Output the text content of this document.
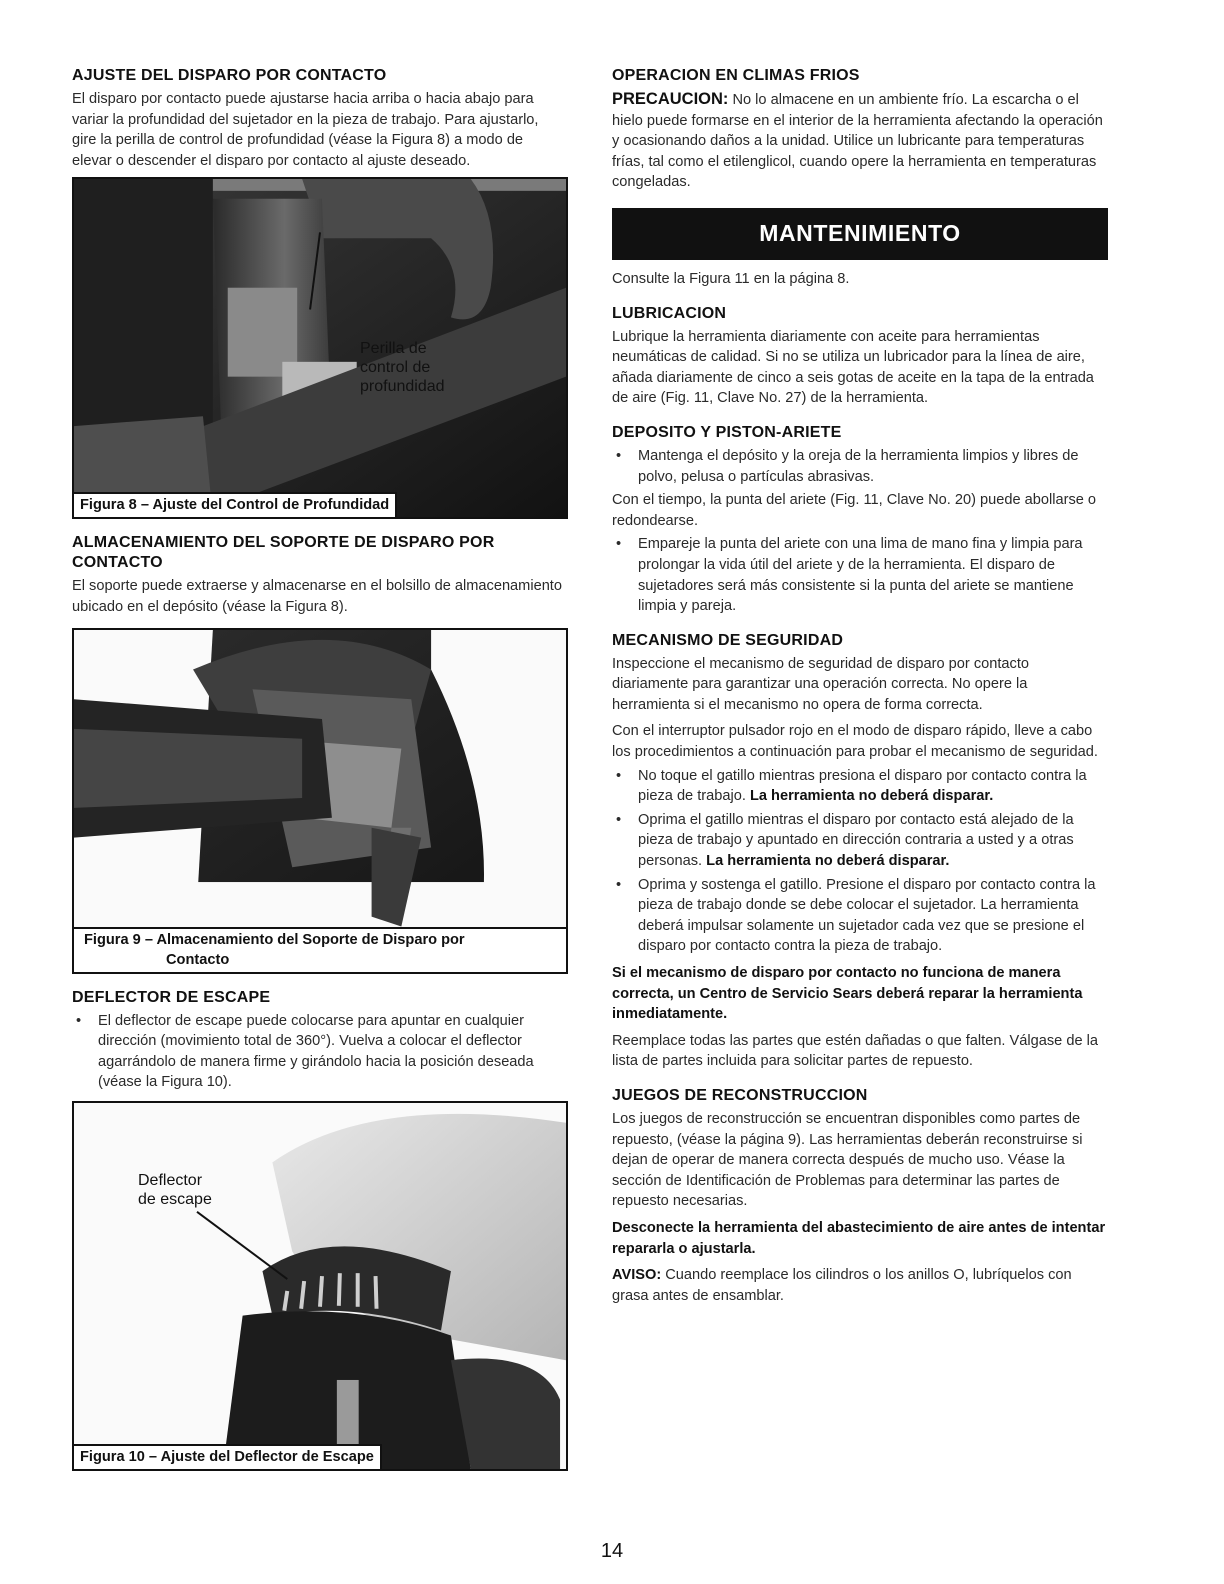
AJUSTE DEL DISPARO POR CONTACTO

El disparo por contacto puede ajustarse hacia arriba o hacia abajo para variar la profundidad del sujetador en la pieza de trabajo. Para ajustarlo, gire la perilla de control de profundidad (véase la Figura 8) a modo de elevar o descender el disparo por contacto al ajuste deseado.

Perilla de
control de
profundidad
Figura 8 – Ajuste del Control de Profundidad
ALMACENAMIENTO DEL SOPORTE DE DISPARO POR CONTACTO

El soporte puede extraerse y almacenarse en el bolsillo de almacenamiento ubicado en el depósito (véase la Figura 8).

Figura 9 – Almacenamiento del Soporte de Disparo por
Contacto
DEFLECTOR DE ESCAPE
• El deflector de escape puede colocarse para apuntar en cualquier dirección (movimiento total de 360°). Vuelva a colocar el deflector agarrándolo de manera firme y girándolo hacia la posición deseada (véase la Figura 10).
Deflector
de escape
Figura 10 – Ajuste del Deflector de Escape
OPERACION EN CLIMAS FRIOS

PRECAUCION: No lo almacene en un ambiente frío. La escarcha o el hielo puede formarse en el interior de la herramienta afectando la operación y ocasionando daños a la unidad. Utilice un lubricante para temperaturas frías, tal como el etilenglicol, cuando opere la herramienta en temperaturas congeladas.

MANTENIMIENTO

Consulte la Figura 11 en la página 8.

LUBRICACION

Lubrique la herramienta diariamente con aceite para herramientas neumáticas de calidad. Si no se utiliza un lubricador para la línea de aire, añada diariamente de cinco a seis gotas de aceite en la tapa de la entrada de aire (Fig. 11, Clave No. 27) de la herramienta.

DEPOSITO Y PISTON-ARIETE
• Mantenga el depósito y la oreja de la herramienta limpios y libres de polvo, pelusa o partículas abrasivas.

Con el tiempo, la punta del ariete (Fig. 11, Clave No. 20) puede abollarse o redondearse.

• Empareje la punta del ariete con una lima de mano fina y limpia para prolongar la vida útil del ariete y de la herramienta. El disparo de sujetadores será más consistente si la punta del ariete se mantiene limpia y pareja.
MECANISMO DE SEGURIDAD

Inspeccione el mecanismo de seguridad de disparo por contacto diariamente para garantizar una operación correcta. No opere la herramienta si el mecanismo no opera de forma correcta.

Con el interruptor pulsador rojo en el modo de disparo rápido, lleve a cabo los procedimientos a continuación para probar el mecanismo de seguridad.

• No toque el gatillo mientras presiona el disparo por contacto contra la pieza de trabajo. La herramienta no deberá disparar.
• Oprima el gatillo mientras el disparo por contacto está alejado de la pieza de trabajo y apuntado en dirección contraria a usted y a otras personas. La herramienta no deberá disparar.
• Oprima y sostenga el gatillo. Presione el disparo por contacto contra la pieza de trabajo donde se debe colocar el sujetador. La herramienta deberá impulsar solamente un sujetador cada vez que se presione el disparo por contacto contra la pieza de trabajo.

Si el mecanismo de disparo por contacto no funciona de manera correcta, un Centro de Servicio Sears deberá reparar la herramienta inmediatamente.

Reemplace todas las partes que estén dañadas o que falten. Válgase de la lista de partes incluida para solicitar partes de repuesto.

JUEGOS DE RECONSTRUCCION

Los juegos de reconstrucción se encuentran disponibles como partes de repuesto, (véase la página 9). Las herramientas deberán reconstruirse si dejan de operar de manera correcta después de mucho uso. Véase la sección de Identificación de Problemas para determinar las partes de repuesto necesarias.

Desconecte la herramienta del abastecimiento de aire antes de intentar repararla o ajustarla.

AVISO: Cuando reemplace los cilindros o los anillos O, lubríquelos con grasa antes de ensamblar.

14
